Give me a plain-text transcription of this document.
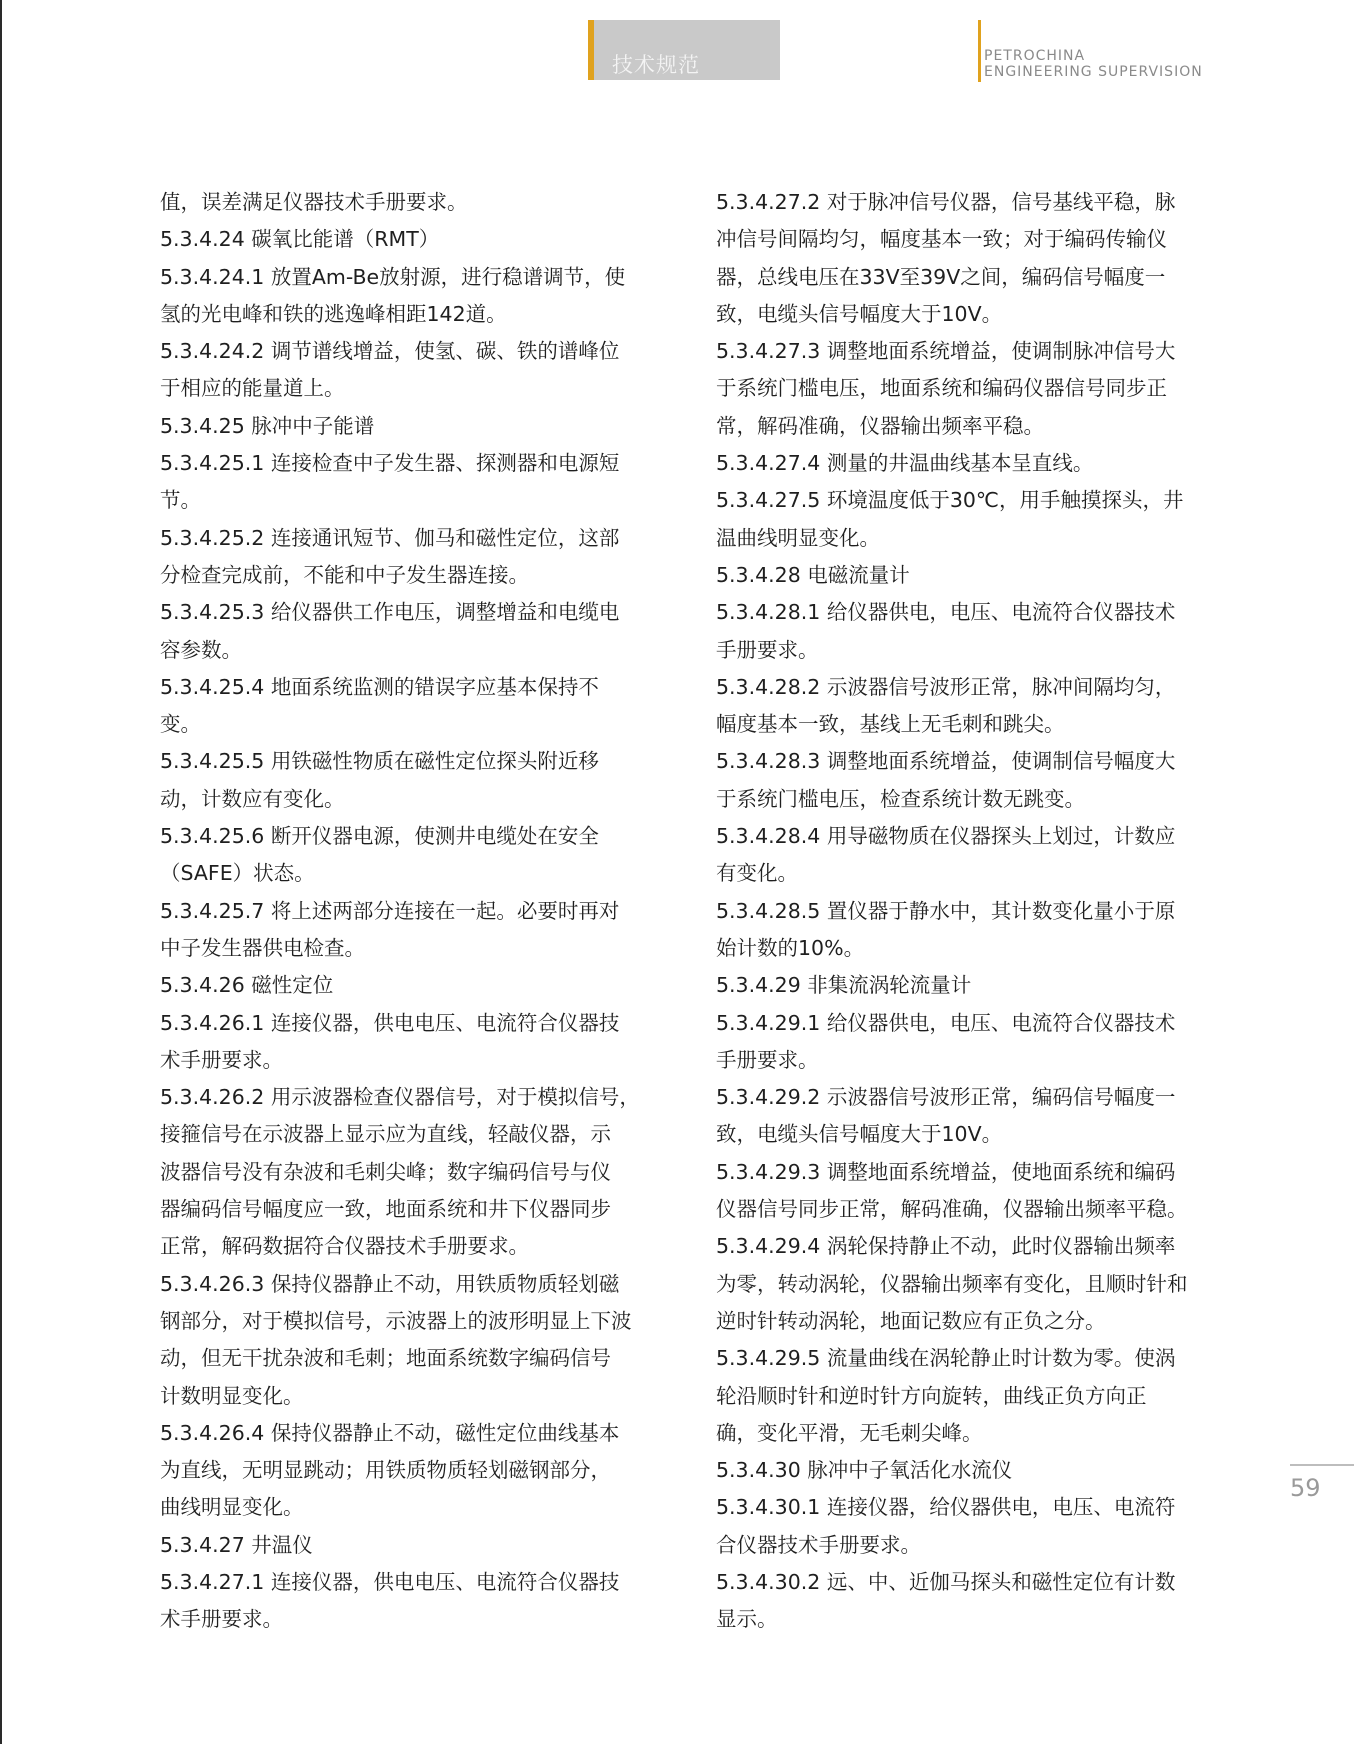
技术规范	PETROCHINA
ENGINEERING SUPERVISION
值，误差满足仪器技术手册要求。
5.3.4.24 碳氧比能谱（RMT）
5.3.4.24.1 放置Am-Be放射源，进行稳谱调节，使
氢的光电峰和铁的逃逸峰相距142道。
5.3.4.24.2 调节谱线增益，使氢、碳、铁的谱峰位
于相应的能量道上。
5.3.4.25 脉冲中子能谱
5.3.4.25.1 连接检查中子发生器、探测器和电源短
节。
5.3.4.25.2 连接通讯短节、伽马和磁性定位，这部
分检查完成前，不能和中子发生器连接。
5.3.4.25.3 给仪器供工作电压，调整增益和电缆电
容参数。
5.3.4.25.4 地面系统监测的错误字应基本保持不
变。
5.3.4.25.5 用铁磁性物质在磁性定位探头附近移
动，计数应有变化。
5.3.4.25.6 断开仪器电源，使测井电缆处在安全
（SAFE）状态。
5.3.4.25.7 将上述两部分连接在一起。必要时再对
中子发生器供电检查。
5.3.4.26 磁性定位
5.3.4.26.1 连接仪器，供电电压、电流符合仪器技
术手册要求。
5.3.4.26.2 用示波器检查仪器信号，对于模拟信号，
接箍信号在示波器上显示应为直线，轻敲仪器，示
波器信号没有杂波和毛刺尖峰；数字编码信号与仪
器编码信号幅度应一致，地面系统和井下仪器同步
正常，解码数据符合仪器技术手册要求。
5.3.4.26.3 保持仪器静止不动，用铁质物质轻划磁
钢部分，对于模拟信号，示波器上的波形明显上下波
动，但无干扰杂波和毛刺；地面系统数字编码信号
计数明显变化。
5.3.4.26.4 保持仪器静止不动，磁性定位曲线基本
为直线，无明显跳动；用铁质物质轻划磁钢部分，
曲线明显变化。
5.3.4.27 井温仪
5.3.4.27.1 连接仪器，供电电压、电流符合仪器技
术手册要求。
5.3.4.27.2 对于脉冲信号仪器，信号基线平稳，脉
冲信号间隔均匀，幅度基本一致；对于编码传输仪
器，总线电压在33V至39V之间，编码信号幅度一
致，电缆头信号幅度大于10V。
5.3.4.27.3 调整地面系统增益，使调制脉冲信号大
于系统门槛电压，地面系统和编码仪器信号同步正
常，解码准确，仪器输出频率平稳。
5.3.4.27.4 测量的井温曲线基本呈直线。
5.3.4.27.5 环境温度低于30℃，用手触摸探头，井
温曲线明显变化。
5.3.4.28 电磁流量计
5.3.4.28.1 给仪器供电，电压、电流符合仪器技术
手册要求。
5.3.4.28.2 示波器信号波形正常，脉冲间隔均匀，
幅度基本一致，基线上无毛刺和跳尖。
5.3.4.28.3 调整地面系统增益，使调制信号幅度大
于系统门槛电压，检查系统计数无跳变。
5.3.4.28.4 用导磁物质在仪器探头上划过，计数应
有变化。
5.3.4.28.5 置仪器于静水中，其计数变化量小于原
始计数的10%。
5.3.4.29 非集流涡轮流量计
5.3.4.29.1 给仪器供电，电压、电流符合仪器技术
手册要求。
5.3.4.29.2 示波器信号波形正常，编码信号幅度一
致，电缆头信号幅度大于10V。
5.3.4.29.3 调整地面系统增益，使地面系统和编码
仪器信号同步正常，解码准确，仪器输出频率平稳。
5.3.4.29.4 涡轮保持静止不动，此时仪器输出频率
为零，转动涡轮，仪器输出频率有变化，且顺时针和
逆时针转动涡轮，地面记数应有正负之分。
5.3.4.29.5 流量曲线在涡轮静止时计数为零。使涡
轮沿顺时针和逆时针方向旋转，曲线正负方向正
确，变化平滑，无毛刺尖峰。
5.3.4.30 脉冲中子氧活化水流仪
5.3.4.30.1 连接仪器，给仪器供电，电压、电流符
合仪器技术手册要求。
5.3.4.30.2 远、中、近伽马探头和磁性定位有计数
显示。
59
